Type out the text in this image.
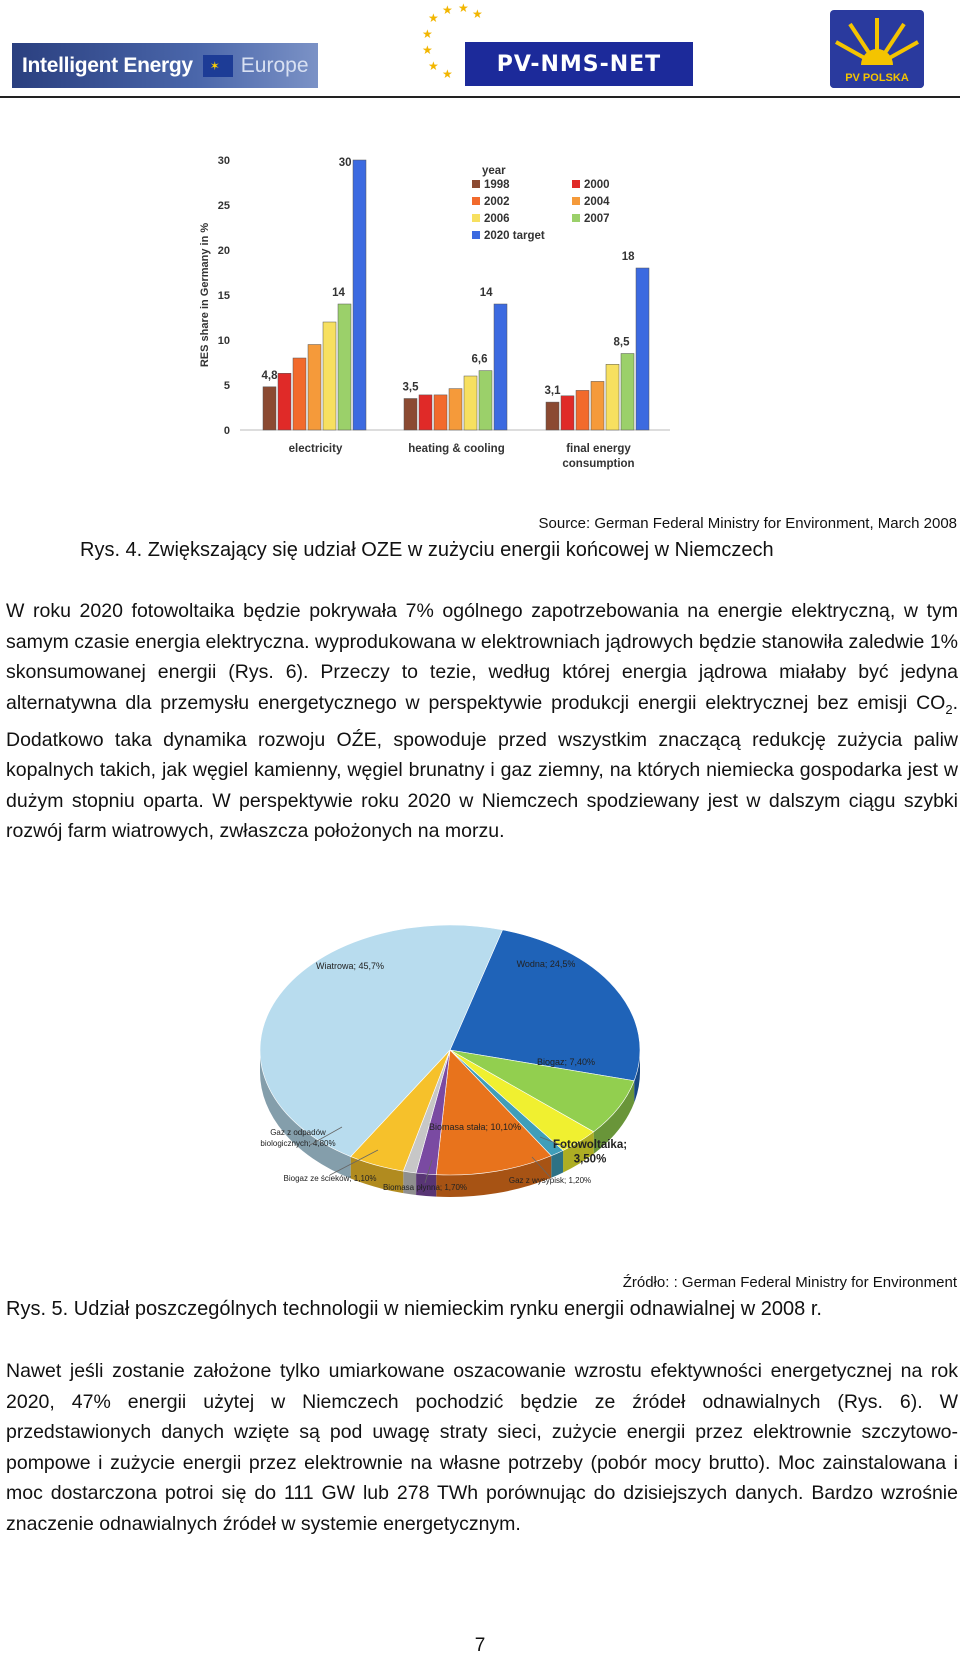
Intelligent Energy ✶ Europe
★
★ ★ ★
★
★
★
★ PV-NMS-NET
PV POLSKA
RES share in Germany in %
0
5
10
15
20
25
30
electricity	heating & cooling	final energy
consumption
4,8
14
30
3,5
6,6
14
3,1
8,5
18
year
1998	2000
2002	2004
2006	2007
2020 target
Source: German Federal Ministry for Environment, March 2008
Rys. 4. Zwiększający się udział OZE w zużyciu energii końcowej w Niemczech

W roku 2020 fotowoltaika będzie pokrywała 7% ogólnego zapotrzebowania na energie elektryczną, w tym samym czasie energia elektryczna. wyprodukowana w elektrowniach jądrowych będzie stanowiła zaledwie 1% skonsumowanej energii (Rys. 6). Przeczy to tezie, według której energia jądrowa miałaby być jedyna alternatywna dla przemysłu energetycznego w perspektywie produkcji energii elektrycznej bez emisji $CO_2$. Dodatkowo taka dynamika rozwoju OŹE, spowoduje przed wszystkim znaczącą redukcję zużycia paliw kopalnych takich, jak węgiel kamienny, węgiel brunatny i gaz ziemny, na których niemiecka gospodarka jest w dużym stopniu oparta. W perspektywie roku 2020 w Niemczech spodziewany jest w dalszym ciągu szybki rozwój farm wiatrowych, zwłaszcza położonych na morzu.

Wiatrowa; 45,7%	Wodna; 24,5%
Biogaz; 7,40%
Fotowoltaika;
3,50%
Gaz z wysypisk; 1,20%
Biomasa stała; 10,10%
Biomasa płynna; 1,70%
Biogaz ze ścieków; 1,10%
Gaz z odpadów
biologicznych; 4,80%
Źródło: : German Federal Ministry for Environment
Rys. 5. Udział poszczególnych technologii w niemieckim rynku energii odnawialnej w 2008 r.

Nawet jeśli zostanie założone tylko umiarkowane oszacowanie wzrostu efektywności energetycznej na rok 2020, 47% energii użytej w Niemczech pochodzić będzie ze źródeł odnawialnych (Rys. 6). W przedstawionych danych wzięte są pod uwagę straty sieci, zużycie energii przez elektrownie szczytowo-pompowe i zużycie energii przez elektrownie na własne potrzeby (pobór mocy brutto). Moc zainstalowana i moc dostarczona potroi się do 111 GW lub 278 TWh porównując do dzisiejszych danych. Bardzo wzrośnie znaczenie odnawialnych źródeł w systemie energetycznym.

7
